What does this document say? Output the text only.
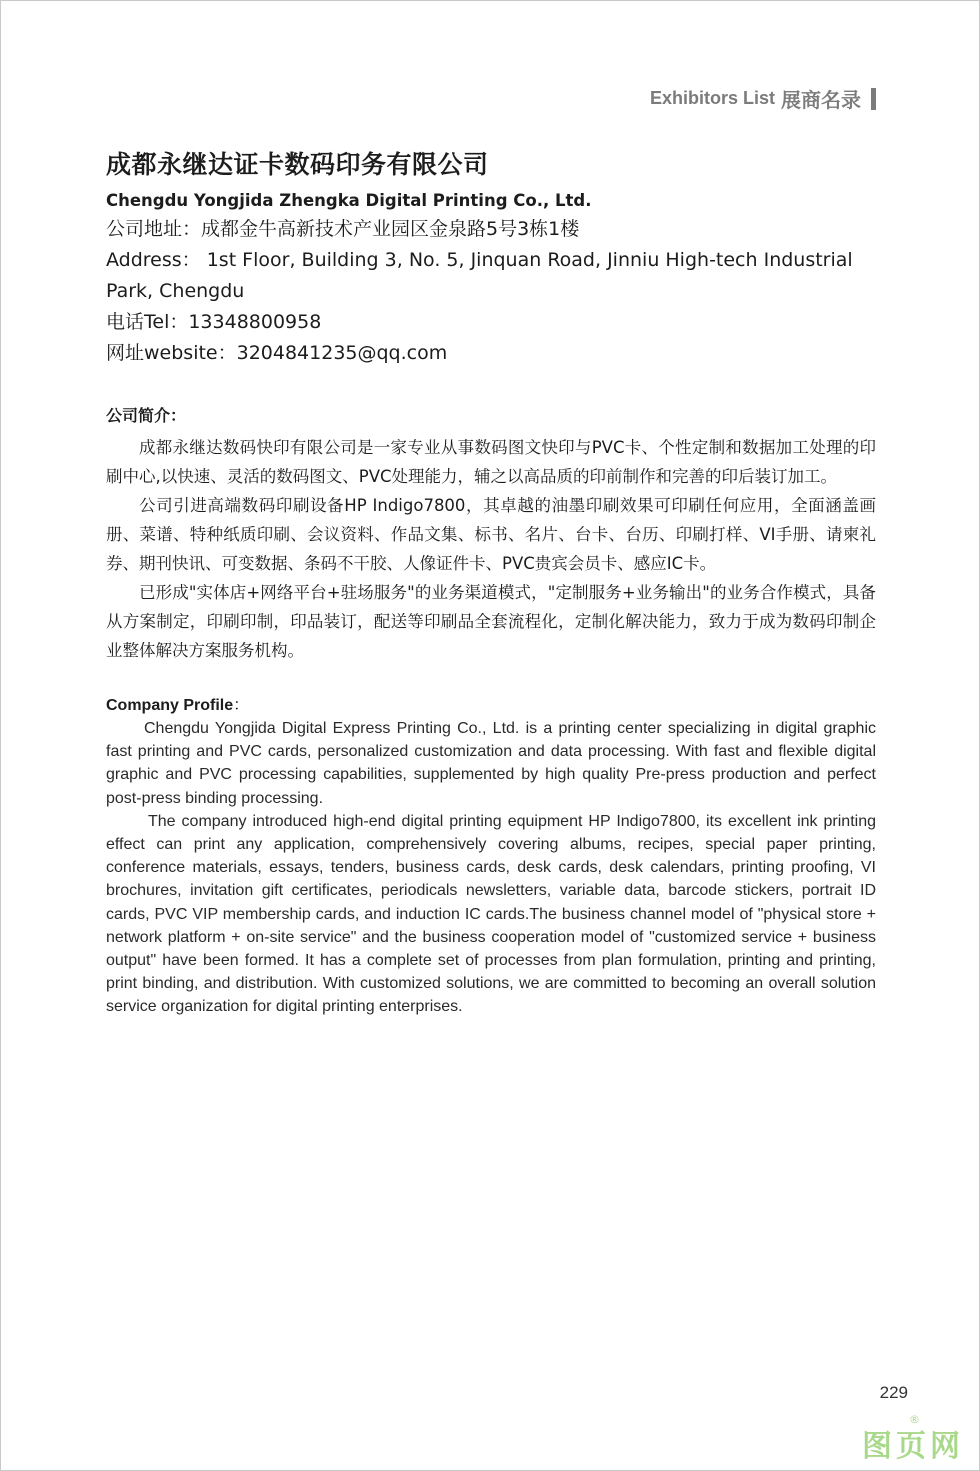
Exhibitors List 展商名录
成都永继达证卡数码印务有限公司
Chengdu Yongjida Zhengka Digital Printing Co., Ltd.
公司地址：成都金牛高新技术产业园区金泉路5号3栋1楼
Address： 1st Floor, Building 3, No. 5, Jinquan Road, Jinniu High-tech Industrial Park, Chengdu
电话Tel：13348800958
网址website：3204841235@qq.com
公司简介：

成都永继达数码快印有限公司是一家专业从事数码图文快印与PVC卡、个性定制和数据加工处理的印刷中心,以快速、灵活的数码图文、PVC处理能力，辅之以高品质的印前制作和完善的印后装订加工。

公司引进高端数码印刷设备HP Indigo7800，其卓越的油墨印刷效果可印刷任何应用，全面涵盖画册、菜谱、特种纸质印刷、会议资料、作品文集、标书、名片、台卡、台历、印刷打样、VI手册、请柬礼券、期刊快讯、可变数据、条码不干胶、人像证件卡、PVC贵宾会员卡、感应IC卡。

已形成"实体店+网络平台+驻场服务"的业务渠道模式，"定制服务+业务输出"的业务合作模式，具备从方案制定，印刷印制，印品装订，配送等印刷品全套流程化，定制化解决能力，致力于成为数码印制企业整体解决方案服务机构。

Company Profile：

Chengdu Yongjida Digital Express Printing Co., Ltd. is a printing center specializing in digital graphic fast printing and PVC cards, personalized customization and data processing. With fast and flexible digital graphic and PVC processing capabilities, supplemented by high quality Pre-press production and perfect post-press binding processing.

The company introduced high-end digital printing equipment HP Indigo7800, its excellent ink printing effect can print any application, comprehensively covering albums, recipes, special paper printing, conference materials, essays, tenders, business cards, desk cards, desk calendars, printing proofing, VI brochures, invitation gift certificates, periodicals newsletters, variable data, barcode stickers, portrait ID cards, PVC VIP membership cards, and induction IC cards.The business channel model of "physical store + network platform + on-site service" and the business cooperation model of "customized service + business output" have been formed. It has a complete set of processes from plan formulation, printing and printing, print binding, and distribution. With customized solutions, we are committed to becoming an overall solution service organization for digital printing enterprises.

229
图页网
®
